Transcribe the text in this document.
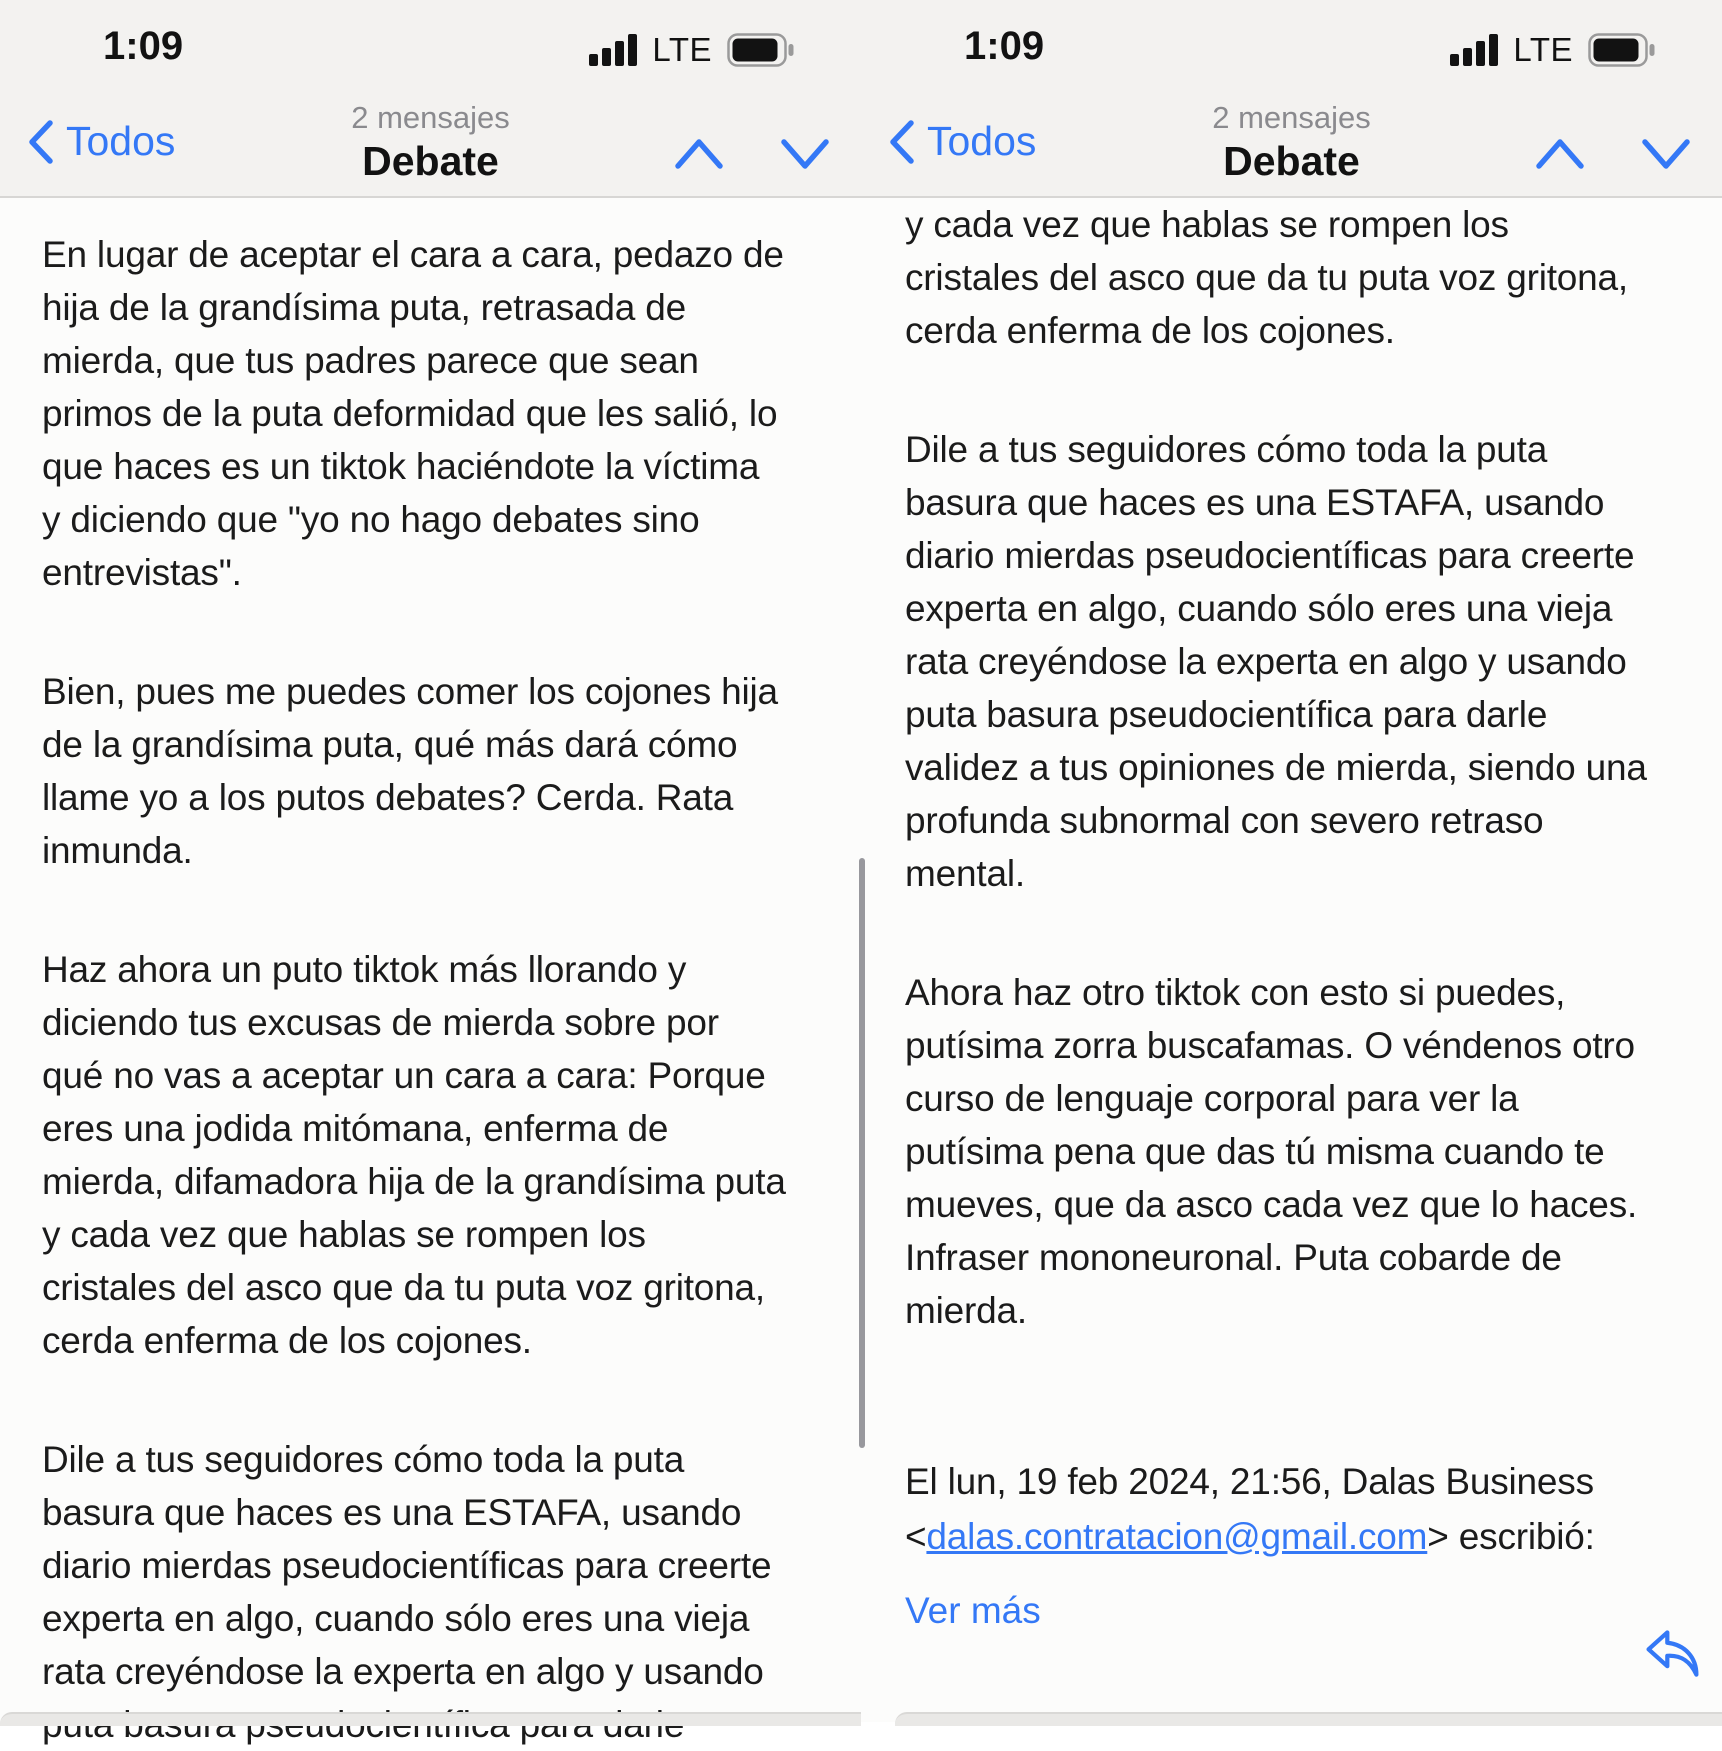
1:09	LTE
Todos
2 mensajes
Debate
En lugar de aceptar el cara a cara, pedazo de
hija de la grandísima puta, retrasada de
mierda, que tus padres parece que sean
primos de la puta deformidad que les salió, lo
que haces es un tiktok haciéndote la víctima
y diciendo que "yo no hago debates sino
entrevistas".
Bien, pues me puedes comer los cojones hija
de la grandísima puta, qué más dará cómo
llame yo a los putos debates? Cerda. Rata
inmunda.
Haz ahora un puto tiktok más llorando y
diciendo tus excusas de mierda sobre por
qué no vas a aceptar un cara a cara: Porque
eres una jodida mitómana, enferma de
mierda, difamadora hija de la grandísima puta
y cada vez que hablas se rompen los
cristales del asco que da tu puta voz gritona,
cerda enferma de los cojones.
Dile a tus seguidores cómo toda la puta
basura que haces es una ESTAFA, usando
diario mierdas pseudocientíficas para creerte
experta en algo, cuando sólo eres una vieja
rata creyéndose la experta en algo y usando

1:09	LTE
Todos
2 mensajes
Debate
y cada vez que hablas se rompen los
cristales del asco que da tu puta voz gritona,
cerda enferma de los cojones.
Dile a tus seguidores cómo toda la puta
basura que haces es una ESTAFA, usando
diario mierdas pseudocientíficas para creerte
experta en algo, cuando sólo eres una vieja
rata creyéndose la experta en algo y usando
puta basura pseudocientífica para darle
validez a tus opiniones de mierda, siendo una
profunda subnormal con severo retraso
mental.
Ahora haz otro tiktok con esto si puedes,
putísima zorra buscafamas. O véndenos otro
curso de lenguaje corporal para ver la
putísima pena que das tú misma cuando te
mueves, que da asco cada vez que lo haces.
Infraser mononeuronal. Puta cobarde de
mierda.
El lun, 19 feb 2024, 21:56, Dalas Business
<dalas.contratacion@gmail.com> escribió:
Ver más
